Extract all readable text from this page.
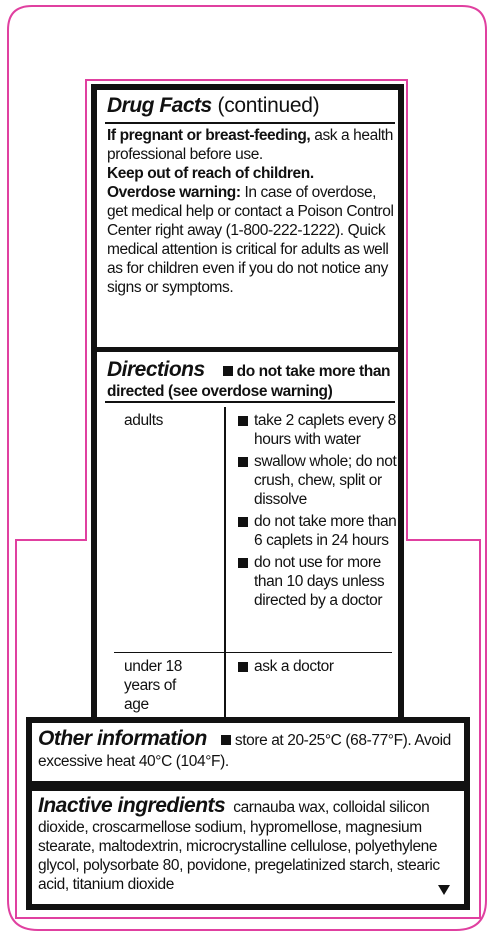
Drug Facts (continued)
If pregnant or breast-feeding, ask a health professional before use.
Keep out of reach of children.
Overdose warning: In case of overdose, get medical help or contact a Poison Control Center right away (1-800-222-1222). Quick medical attention is critical for adults as well as for children even if you do not notice any signs or symptoms.
Directions do not take more than directed (see overdose warning)
adults	take 2 caplets every 8 hours with water
swallow whole; do not crush, chew, split or dissolve
do not take more than 6 caplets in 24 hours
do not use for more than 10 days unless directed by a doctor
under 18 years of age
ask a doctor
Other information store at 20-25°C (68-77°F). Avoid excessive heat 40°C (104°F).
Inactive ingredients carnauba wax, colloidal silicon dioxide, croscarmellose sodium, hypromellose, magnesium stearate, maltodextrin, microcrystalline cellulose, polyethylene glycol, polysorbate 80, povidone, pregelatinized starch, stearic acid, titanium dioxide
